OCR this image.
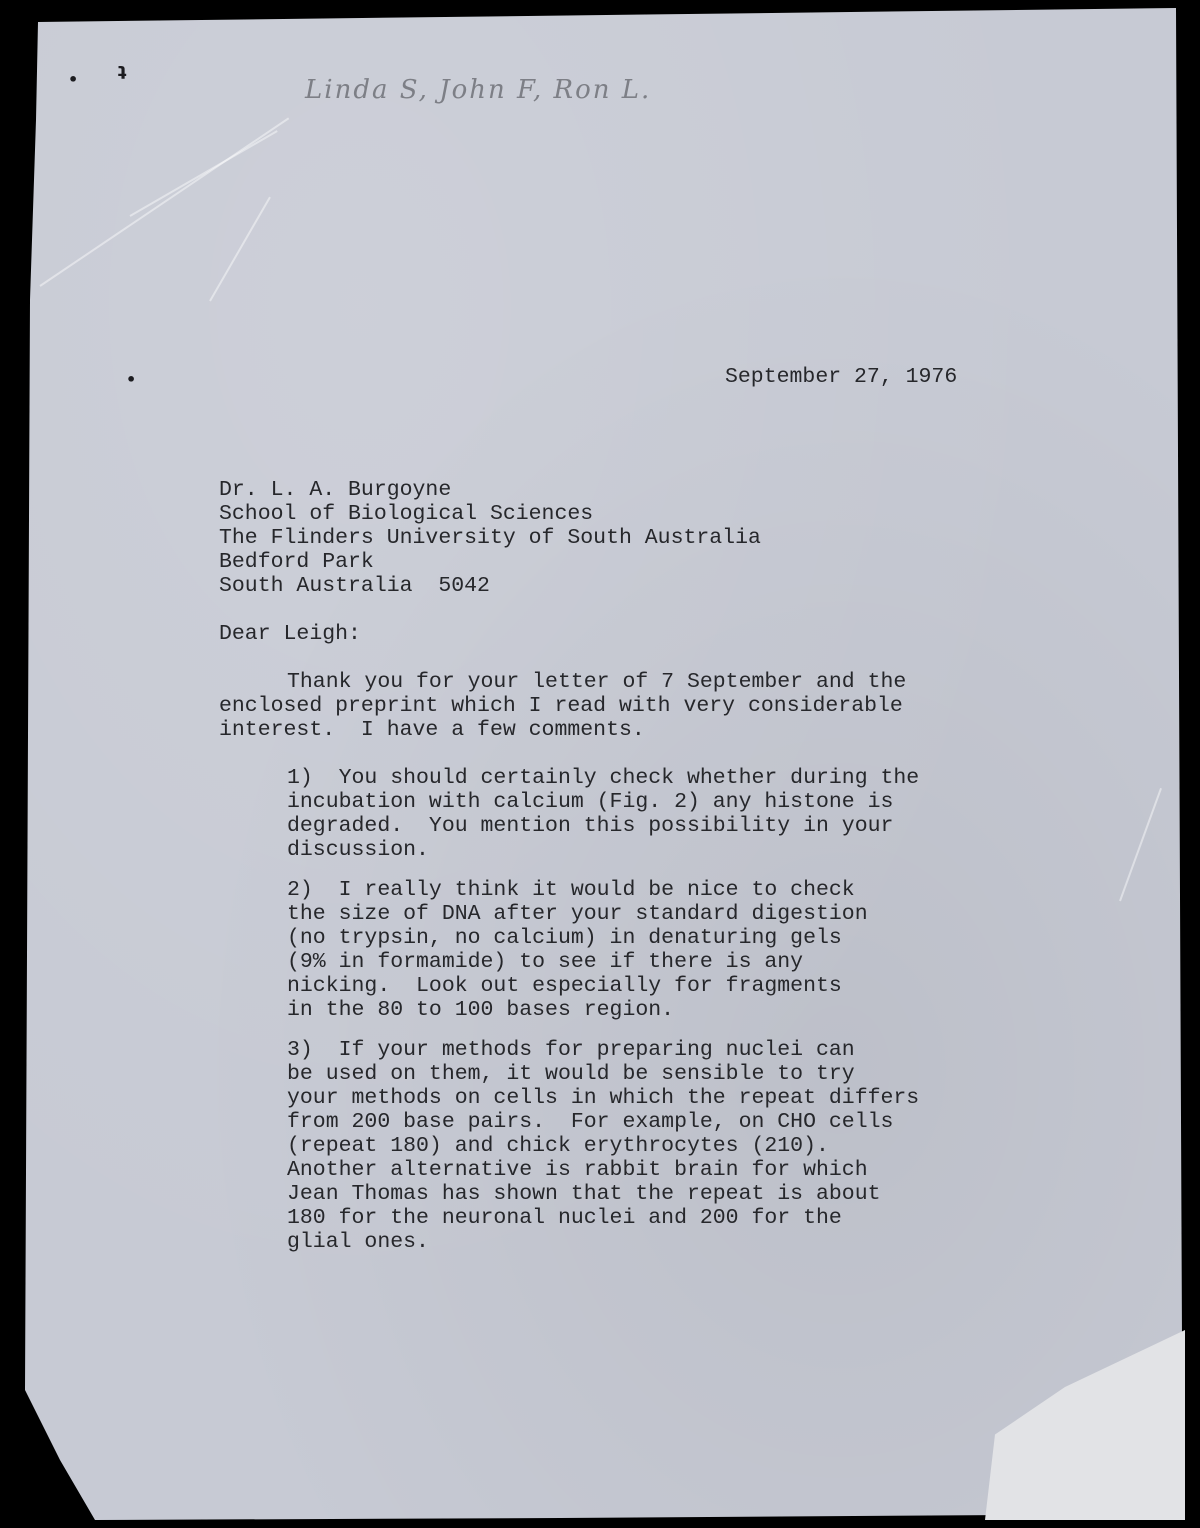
• ʇ
•
Linda S, John F, Ron L.
September 27, 1976
Dr. L. A. Burgoyne
School of Biological Sciences
The Flinders University of South Australia
Bedford Park
South Australia  5042
Dear Leigh:
Thank you for your letter of 7 September and the
enclosed preprint which I read with very considerable
interest.  I have a few comments.
1)  You should certainly check whether during the
incubation with calcium (Fig. 2) any histone is
degraded.  You mention this possibility in your
discussion.
2)  I really think it would be nice to check
the size of DNA after your standard digestion
(no trypsin, no calcium) in denaturing gels
(9% in formamide) to see if there is any
nicking.  Look out especially for fragments
in the 80 to 100 bases region.
3)  If your methods for preparing nuclei can
be used on them, it would be sensible to try
your methods on cells in which the repeat differs
from 200 base pairs.  For example, on CHO cells
(repeat 180) and chick erythrocytes (210).
Another alternative is rabbit brain for which
Jean Thomas has shown that the repeat is about
180 for the neuronal nuclei and 200 for the
glial ones.
